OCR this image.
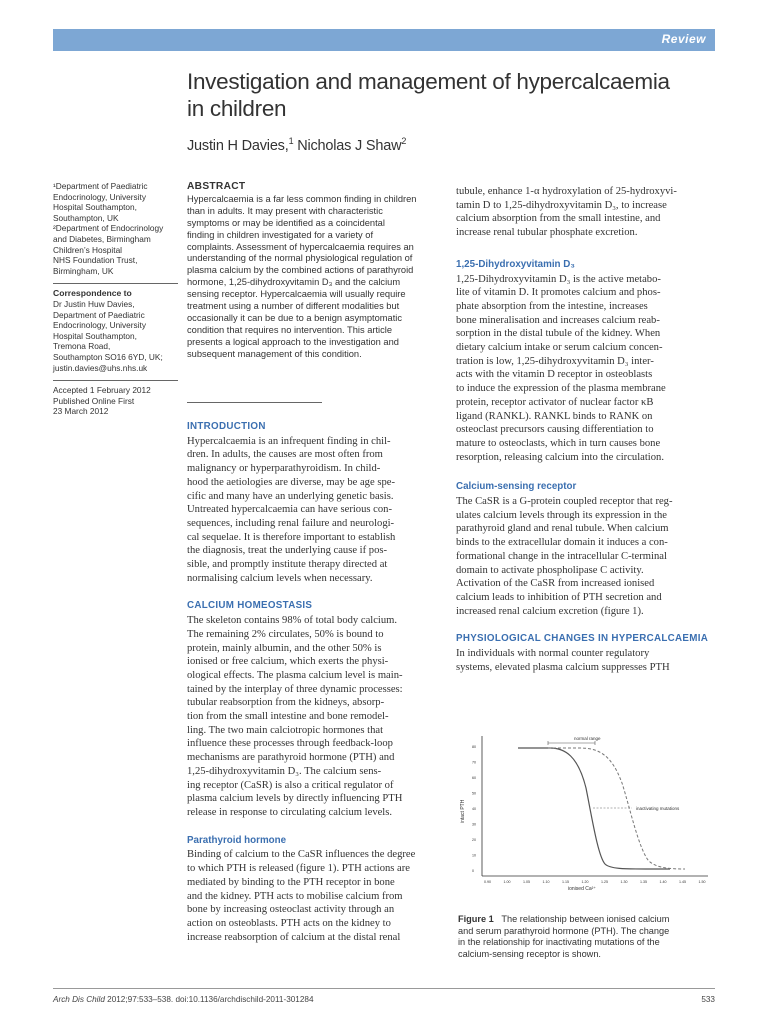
Review
Investigation and management of hypercalcaemia
in children
Justin H Davies,$^1$ Nicholas J Shaw$^2$
¹Department of Paediatric
Endocrinology, University
Hospital Southampton,
Southampton, UK
²Department of Endocrinology
and Diabetes, Birmingham
Children’s Hospital
NHS Foundation Trust,
Birmingham, UK
Correspondence to
Dr Justin Huw Davies,
Department of Paediatric
Endocrinology, University
Hospital Southampton,
Tremona Road,
Southampton SO16 6YD, UK;
justin.davies@uhs.nhs.uk
Accepted 1 February 2012
Published Online First
23 March 2012
ABSTRACT
Hypercalcaemia is a far less common finding in children
than in adults. It may present with characteristic
symptoms or may be identified as a coincidental
finding in children investigated for a variety of
complaints. Assessment of hypercalcaemia requires an
understanding of the normal physiological regulation of
plasma calcium by the combined actions of parathyroid
hormone, 1,25-dihydroxyvitamin D₃ and the calcium
sensing receptor. Hypercalcaemia will usually require
treatment using a number of different modalities but
occasionally it can be due to a benign asymptomatic
condition that requires no intervention. This article
presents a logical approach to the investigation and
subsequent management of this condition.
INTRODUCTION
Hypercalcaemia is an infrequent finding in chil-
dren. In adults, the causes are most often from
malignancy or hyperparathyroidism. In child-
hood the aetiologies are diverse, may be age spe-
cific and many have an underlying genetic basis.
Untreated hypercalcaemia can have serious con-
sequences, including renal failure and neurologi-
cal sequelae. It is therefore important to establish
the diagnosis, treat the underlying cause if pos-
sible, and promptly institute therapy directed at
normalising calcium levels when necessary.
CALCIUM HOMEOSTASIS
The skeleton contains 98% of total body calcium.
The remaining 2% circulates, 50% is bound to
protein, mainly albumin, and the other 50% is
ionised or free calcium, which exerts the physi-
ological effects. The plasma calcium level is main-
tained by the interplay of three dynamic processes:
tubular reabsorption from the kidneys, absorp-
tion from the small intestine and bone remodel-
ling. The two main calciotropic hormones that
influence these processes through feedback-loop
mechanisms are parathyroid hormone (PTH) and
1,25-dihydroxyvitamin D₃. The calcium sens-
ing receptor (CaSR) is also a critical regulator of
plasma calcium levels by directly influencing PTH
release in response to circulating calcium levels.
Parathyroid hormone
Binding of calcium to the CaSR influences the degree
to which PTH is released (figure 1). PTH actions are
mediated by binding to the PTH receptor in bone
and the kidney. PTH acts to mobilise calcium from
bone by increasing osteoclast activity through an
action on osteoblasts. PTH acts on the kidney to
increase reabsorption of calcium at the distal renal
tubule, enhance 1-α hydroxylation of 25-hydroxyvi-
tamin D to 1,25-dihydroxyvitamin D₃, to increase
calcium absorption from the small intestine, and
increase renal tubular phosphate excretion.
1,25-Dihydroxyvitamin D₃
1,25-Dihydroxyvitamin D₃ is the active metabo-
lite of vitamin D. It promotes calcium and phos-
phate absorption from the intestine, increases
bone mineralisation and increases calcium reab-
sorption in the distal tubule of the kidney. When
dietary calcium intake or serum calcium concen-
tration is low, 1,25-dihydroxyvitamin D₃ inter-
acts with the vitamin D receptor in osteoblasts
to induce the expression of the plasma membrane
protein, receptor activator of nuclear factor κB
ligand (RANKL). RANKL binds to RANK on
osteoclast precursors causing differentiation to
mature to osteoclasts, which in turn causes bone
resorption, releasing calcium into the circulation.
Calcium-sensing receptor
The CaSR is a G-protein coupled receptor that reg-
ulates calcium levels through its expression in the
parathyroid gland and renal tubule. When calcium
binds to the extracellular domain it induces a con-
formational change in the intracellular C-terminal
domain to activate phospholipase C activity.
Activation of the CaSR from increased ionised
calcium leads to inhibition of PTH secretion and
increased renal calcium excretion (figure 1).
PHYSIOLOGICAL CHANGES IN HYPERCALCAEMIA
In individuals with normal counter regulatory
systems, elevated plasma calcium suppresses PTH
80
70
60
50
40
30
20
10
0
0.90	1.00	1.05	1.10	1.15	1.20	1.25	1.30	1.35	1.40	1.45	1.50
intact PTH
ionised Ca²⁺
normal range
inactivating mutations
Figure 1 The relationship between ionised calcium
and serum parathyroid hormone (PTH). The change
in the relationship for inactivating mutations of the
calcium-sensing receptor is shown.
Arch Dis Child 2012;97:533–538. doi:10.1136/archdischild-2011-301284	533
